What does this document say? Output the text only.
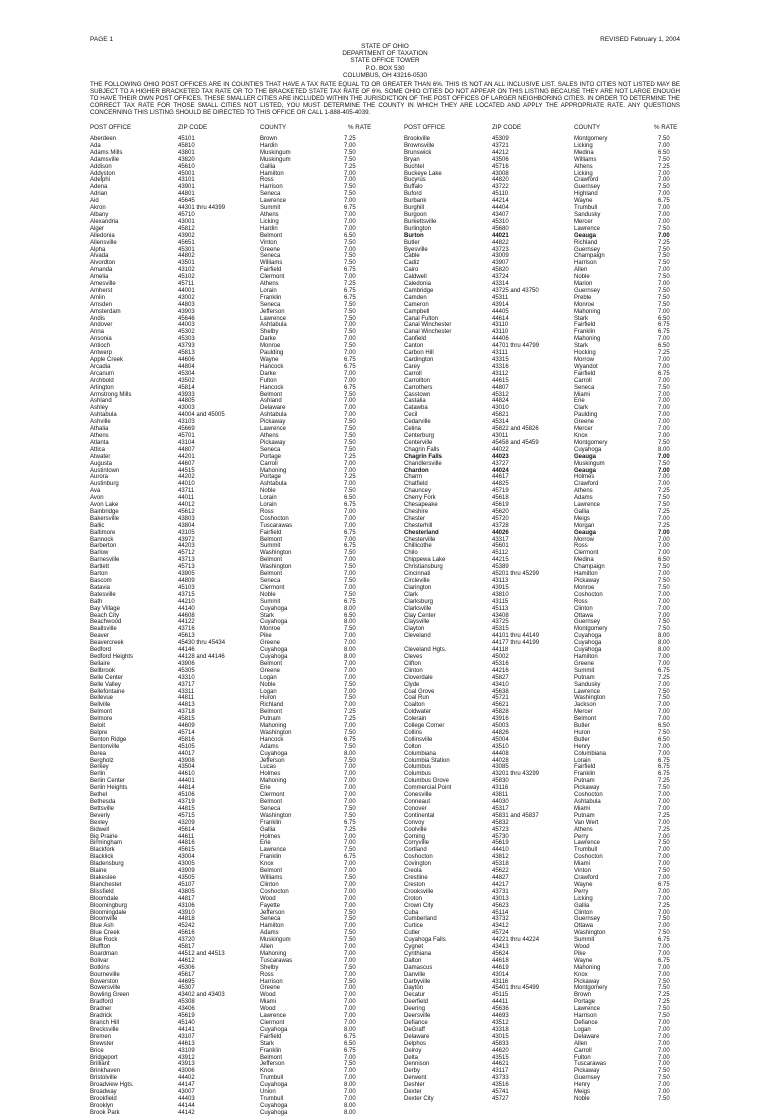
PAGE 1	REVISED February 1, 2004
STATE OF OHIO
DEPARTMENT OF TAXATION
STATE OFFICE TOWER
P.O. BOX 530
COLUMBUS, OH 43216-0530
THE FOLLOWING OHIO POST OFFICES ARE IN COUNTIES THAT HAVE A TAX RATE EQUAL TO OR GREATER THAN 6%. THIS IS NOT AN ALL INCLUSIVE LIST. SALES INTO CITIES NOT LISTED MAY BE SUBJECT TO A HIGHER BRACKETED TAX RATE OR TO THE BRACKETED STATE TAX RATE OF 6%. SOME OHIO CITIES DO NOT APPEAR ON THIS LISTING BECAUSE THEY ARE NOT LARGE ENOUGH TO HAVE THEIR OWN POST OFFICES. THESE SMALLER CITIES ARE INCLUDED WITHIN THE JURISDICTION OF THE POST OFFICES OF LARGER NEIGHBORING CITIES. IN ORDER TO DETERMINE THE CORRECT TAX RATE FOR THOSE SMALL CITIES NOT LISTED, YOU MUST DETERMINE THE COUNTY IN WHICH THEY ARE LOCATED AND APPLY THE APPROPRIATE RATE. ANY QUESTIONS CONCERNING THIS LISTING SHOULD BE DIRECTED TO THIS OFFICE OR CALL 1-888-405-4039.
POST OFFICE	ZIP CODE	COUNTY	% RATE	POST OFFICE	ZIP CODE	COUNTY	% RATE
Aberdeen	45101	Brown	7.25
Ada	45810	Hardin	7.00
Adams Mills	43801	Muskingum	7.50
Adamsville	43820	Muskingum	7.50
Addison	45610	Gallia	7.25
Addyston	45001	Hamilton	7.00
Adelphi	43101	Ross	7.00
Adena	43901	Harrison	7.50
Adrian	44801	Seneca	7.50
Aid	45645	Lawrence	7.00
Akron	44301 thru 44399	Summit	6.75
Albany	45710	Athens	7.00
Alexandria	43001	Licking	7.00
Alger	45812	Hardin	7.00
Alledonia	43902	Belmont	6.50
Allensville	45651	Vinton	7.50
Alpha	45301	Greene	7.00
Alvada	44802	Seneca	7.50
Alvordton	43501	Williams	7.50
Amanda	43102	Fairfield	6.75
Amelia	45102	Clermont	7.00
Amesville	45711	Athens	7.25
Amherst	44001	Lorain	6.75
Amlin	43002	Franklin	6.75
Amsden	44803	Seneca	7.50
Amsterdam	43903	Jefferson	7.50
Andis	45646	Lawrence	7.50
Andover	44003	Ashtabula	7.00
Anna	45302	Shelby	7.50
Ansonia	45303	Darke	7.00
Antioch	43793	Monroe	7.50
Antwerp	45813	Paulding	7.00
Apple Creek	44606	Wayne	6.75
Arcadia	44804	Hancock	6.75
Arcanum	45304	Darke	7.00
Archbold	43502	Fulton	7.00
Arlington	45814	Hancock	6.75
Armstrong Mills	43933	Belmont	7.50
Ashland	44805	Ashland	7.00
Ashley	43003	Delaware	7.00
Ashtabula	44004 and 45005	Ashtabula	7.00
Ashville	43103	Pickaway	7.50
Athalia	45669	Lawrence	7.50
Athens	45701	Athens	7.50
Atlanta	43104	Pickaway	7.50
Attica	44807	Seneca	7.50
Atwater	44201	Portage	7.25
Augusta	44607	Carroll	7.00
Austintown	44515	Mahoning	7.00
Aurora	44202	Portage	7.25
Austinburg	44010	Ashtabula	7.00
Ava	43711	Noble	7.50
Avon	44011	Lorain	6.50
Avon Lake	44012	Lorain	6.75
Bainbridge	45612	Ross	7.00
Bakersville	43803	Coshocton	7.00
Ballic	43804	Tuscarawas	7.00
Baltimore	43105	Fairfield	6.75
Bannock	43972	Belmont	7.00
Barberton	44203	Summit	6.75
Barlow	45712	Washington	7.50
Barnesville	43713	Belmont	7.00
Bartlett	45713	Washington	7.50
Barton	43905	Belmont	7.00
Bascom	44809	Seneca	7.50
Batavia	45103	Clermont	7.00
Batesville	43715	Noble	7.50
Bath	44210	Summit	6.75
Bay Village	44140	Cuyahoga	8.00
Beach City	44608	Stark	6.50
Beachwood	44122	Cuyahoga	8.00
Beallsville	43716	Monroe	7.50
Beaver	45613	Pike	7.00
Beavercreek	45430 thru 45434	Greene	7.00
Bedford	44146	Cuyahoga	8.00
Bedford Heights	44128 and 44146	Cuyahoga	8.00
Bellaire	43906	Belmont	7.00
Bellbrook	45305	Greene	7.00
Belle Center	43310	Logan	7.00
Belle Valley	43717	Noble	7.50
Bellefontaine	43311	Logan	7.00
Bellevue	44811	Huron	7.50
Bellville	44813	Richland	7.00
Belmont	43718	Belmont	7.25
Belmore	45815	Putnam	7.25
Beloit	44609	Mahoning	7.00
Belpre	45714	Washington	7.50
Benton Ridge	45816	Hancock	6.75
Bentonville	45105	Adams	7.50
Berea	44017	Cuyahoga	8.00
Bergholz	43908	Jefferson	7.50
Berkey	43504	Lucas	7.00
Berlin	44610	Holmes	7.00
Berlin Center	44401	Mahoning	7.00
Berlin Heights	44814	Erie	7.00
Bethel	45106	Clermont	7.00
Bethesda	43719	Belmont	7.00
Bettsville	44815	Seneca	7.50
Beverly	45715	Washington	7.50
Bexley	43209	Franklin	6.75
Bidwell	45614	Gallia	7.25
Big Prairie	44611	Holmes	7.00
Birmingham	44816	Erie	7.00
Blackfork	45615	Lawrence	7.50
Blacklick	43004	Franklin	6.75
Bladensburg	43005	Knox	7.00
Blaine	43909	Belmont	7.00
Blakeslee	43505	Williams	7.50
Blanchester	45107	Clinton	7.00
Blissfield	43805	Coshocton	7.00
Bloomdale	44817	Wood	7.00
Bloomingburg	43106	Fayette	7.00
Bloomingdale	43910	Jefferson	7.50
Bloomville	44818	Seneca	7.50
Blue Ash	45242	Hamilton	7.00
Blue Creek	45616	Adams	7.50
Blue Rock	43720	Muskingum	7.50
Bluffton	45817	Allen	7.00
Boardman	44512 and 44513	Mahoning	7.00
Bolivar	44612	Tuscarawas	7.00
Botkins	45306	Shelby	7.50
Bourneville	45617	Ross	7.00
Bowerston	44695	Harrison	7.50
Bowersville	45307	Greene	7.00
Bowling Green	43402 and 43403	Wood	7.00
Bradford	45308	Miami	7.00
Bradner	43406	Wood	7.00
Bradrick	45619	Lawrence	7.00
Branch Hill	45140	Clermont	7.00
Brecksville	44141	Cuyahoga	8.00
Bremen	43107	Fairfield	6.75
Brewster	44613	Stark	6.50
Brice	43109	Franklin	6.75
Bridgeport	43912	Belmont	7.00
Brilliant	43913	Jefferson	7.50
Brinkhaven	43006	Knox	7.00
Bristolville	44402	Trumbull	7.00
Broadview Hgts.	44147	Cuyahoga	8.00
Broadway	43007	Union	7.00
Brookfield	44403	Trumbull	7.00
Brooklyn	44144	Cuyahoga	8.00
Brook Park	44142	Cuyahoga	8.00
Brookville	45309	Montgomery	7.50
Brownsville	43721	Licking	7.00
Brunswick	44212	Medina	6.50
Bryan	43506	Williams	7.50
Buchtel	45716	Athens	7.25
Buckeye Lake	43008	Licking	7.00
Bucyrus	44820	Crawford	7.00
Buffalo	43722	Guernsey	7.50
Buford	45110	Highland	7.00
Burbank	44214	Wayne	6.75
Burghill	44404	Trumbull	7.00
Burgoon	43407	Sandusky	7.00
Burkettsville	45310	Mercer	7.00
Burlington	45680	Lawrence	7.50
Burton	44021	Geauga	7.00
Butler	44822	Richland	7.25
Byesville	43723	Guernsey	7.50
Cable	43009	Champaign	7.50
Cadiz	43907	Harrison	7.50
Cairo	45820	Allen	7.00
Caldwell	43724	Noble	7.50
Caledonia	43314	Marion	7.00
Cambridge	43725 and 43750	Guernsey	7.50
Camden	45311	Preble	7.50
Cameron	43914	Monroe	7.50
Campbell	44405	Mahoning	7.00
Canal Fulton	44614	Stark	6.50
Canal Winchester	43110	Fairfield	6.75
Canal Winchester	43110	Franklin	6.75
Canfield	44406	Mahoning	7.00
Canton	44701 thru 44799	Stark	6.50
Carbon Hill	43111	Hocking	7.25
Cardington	43315	Morrow	7.00
Carey	43316	Wyandot	7.00
Carroll	43112	Fairfield	6.75
Carrollton	44615	Carroll	7.00
Carrothers	44807	Seneca	7.50
Casstown	45312	Miami	7.00
Castalia	44824	Erie	7.00
Catawba	43010	Clark	7.00
Cecil	45821	Paulding	7.00
Cedarville	45314	Greene	7.00
Celina	45822 and 45826	Mercer	7.00
Centerburg	43011	Knox	7.00
Centerville	45458 and 45459	Montgomery	7.50
Chagrin Falls	44022	Cuyahoga	8.00
Chagrin Falls	44023	Geauga	7.00
Chandlersville	43727	Muskingum	7.50
Chardon	44024	Geauga	7.00
Charm	44617	Holmes	7.00
Chatfield	44825	Crawford	7.00
Chauncey	45719	Athens	7.25
Cherry Fork	45618	Adams	7.50
Chesapeake	45619	Lawrence	7.50
Cheshire	45620	Gallia	7.25
Chester	45720	Meigs	7.00
Chesterhill	43728	Morgan	7.25
Chesterland	44026	Geauga	7.00
Chesterville	43317	Morrow	7.00
Chillicothe	45601	Ross	7.00
Chilo	45112	Clermont	7.00
Chippewa Lake	44215	Medina	6.50
Christiansburg	45389	Champaign	7.50
Cincinnati	45201 thru 45299	Hamilton	7.00
Circleville	43113	Pickaway	7.50
Clarington	43915	Monroe	7.50
Clark	43810	Coshocton	7.00
Clarksburg	43115	Ross	7.00
Clarksville	45113	Clinton	7.00
Clay Center	43408	Ottawa	7.00
Claysville	43725	Guernsey	7.50
Clayton	45315	Montgomery	7.50
Cleveland	44101 thru 44149	Cuyahoga	8.00
44177 thru 44199	Cuyahoga	8.00
Cleveland Hgts.	44118	Cuyahoga	8.00
Cleves	45002	Hamilton	7.00
Clifton	45316	Greene	7.00
Clinton	44216	Summit	6.75
Cloverdale	45827	Putnam	7.25
Clyde	43410	Sandusky	7.00
Coal Grove	45638	Lawrence	7.50
Coal Run	45721	Washington	7.50
Coalton	45621	Jackson	7.00
Coldwater	45828	Mercer	7.00
Colerain	43916	Belmont	7.00
College Corner	45003	Butler	6.50
Collins	44826	Huron	7.50
Collinsville	45004	Butler	6.50
Colton	43510	Henry	7.00
Columbiana	44408	Columbiana	7.00
Columbia Station	44028	Lorain	6.75
Columbus	43085	Fairfield	6.75
Columbus	43201 thru 43299	Franklin	6.75
Columbus Grove	45830	Putnam	7.25
Commercial Point	43116	Pickaway	7.50
Conesville	43811	Coshocton	7.00
Conneaut	44030	Ashtabula	7.00
Conover	45317	Miami	7.00
Continental	45831 and 45837	Putnam	7.25
Convoy	45832	Van Wert	7.00
Coolville	45723	Athens	7.25
Corning	45730	Perry	7.00
Corryville	45619	Lawrence	7.50
Cortland	44410	Trumbull	7.00
Coshocton	43812	Coshocton	7.00
Covington	45318	Miami	7.00
Creola	45622	Vinton	7.50
Crestline	44827	Crawford	7.00
Creston	44217	Wayne	6.75
Crooksville	43731	Perry	7.00
Croton	43013	Licking	7.00
Crown City	45623	Gallia	7.25
Cuba	45114	Clinton	7.00
Cumberland	43732	Guernsey	7.50
Curtice	43412	Ottawa	7.00
Cutler	45724	Washington	7.50
Cuyahoga Falls	44221 thru 44224	Summit	6.75
Cygnet	43413	Wood	7.00
Cynthiana	45624	Pike	7.00
Dalton	44618	Wayne	6.75
Damascus	44619	Mahoning	7.00
Danville	43014	Knox	7.00
Darbyville	43116	Pickaway	7.50
Dayton	45401 thru 45499	Montgomery	7.50
Decatur	45115	Brown	7.25
Deerfield	44411	Portage	7.25
Deering	45636	Lawrence	7.50
Deersville	44693	Harrison	7.50
Defiance	43512	Defiance	7.00
DeGraff	43318	Logan	7.00
Delaware	43015	Delaware	7.00
Delphos	45833	Allen	7.00
Delroy	44620	Carroll	7.00
Delta	43515	Fulton	7.00
Dennison	44621	Tuscarawas	7.00
Derby	43117	Pickaway	7.50
Derwent	43733	Guernsey	7.50
Deshler	43516	Henry	7.00
Dexter	45741	Meigs	7.00
Dexter City	45727	Noble	7.50
